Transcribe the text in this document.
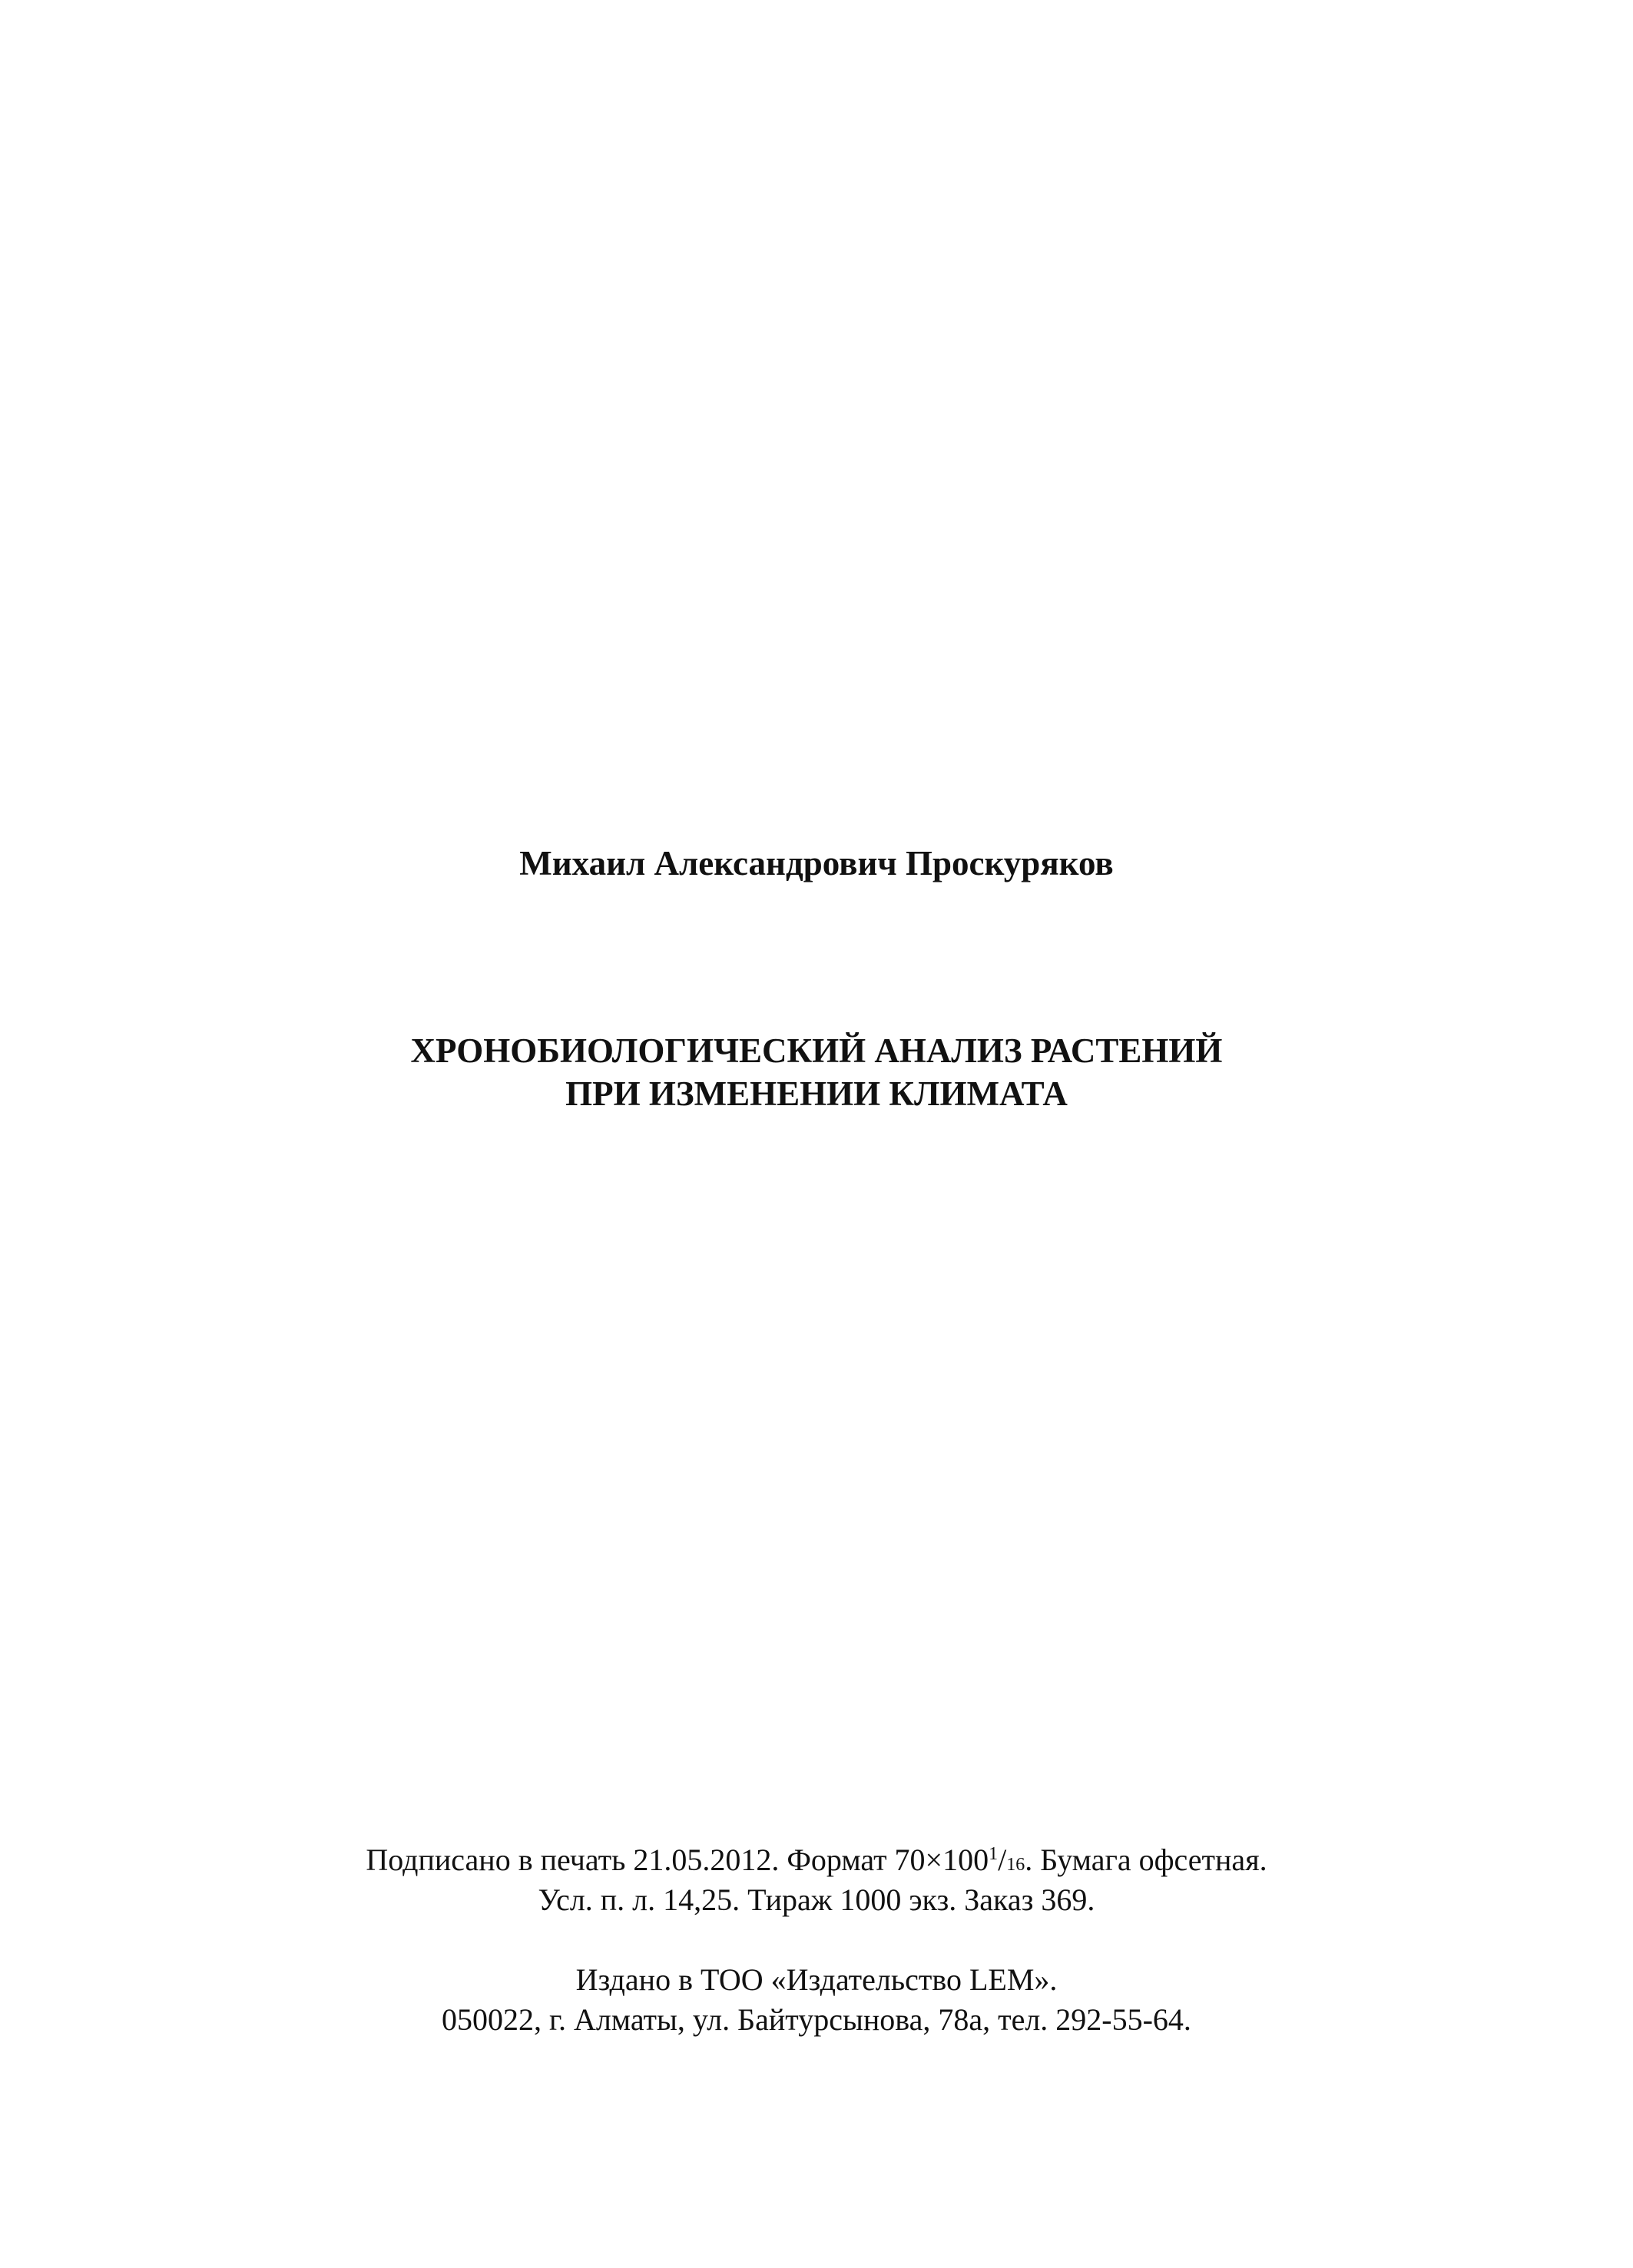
Михаил Александрович Проскуряков
ХРОНОБИОЛОГИЧЕСКИЙ АНАЛИЗ РАСТЕНИЙ
ПРИ ИЗМЕНЕНИИ КЛИМАТА
Подписано в печать 21.05.2012. Формат $70\times 100^1/16$. Бумага офсетная.
Усл. п. л. 14,25. Тираж 1000 экз. Заказ 369.
Издано в ТОО «Издательство LEM».
050022, г. Алматы, ул. Байтурсынова, 78а, тел. 292-55-64.
